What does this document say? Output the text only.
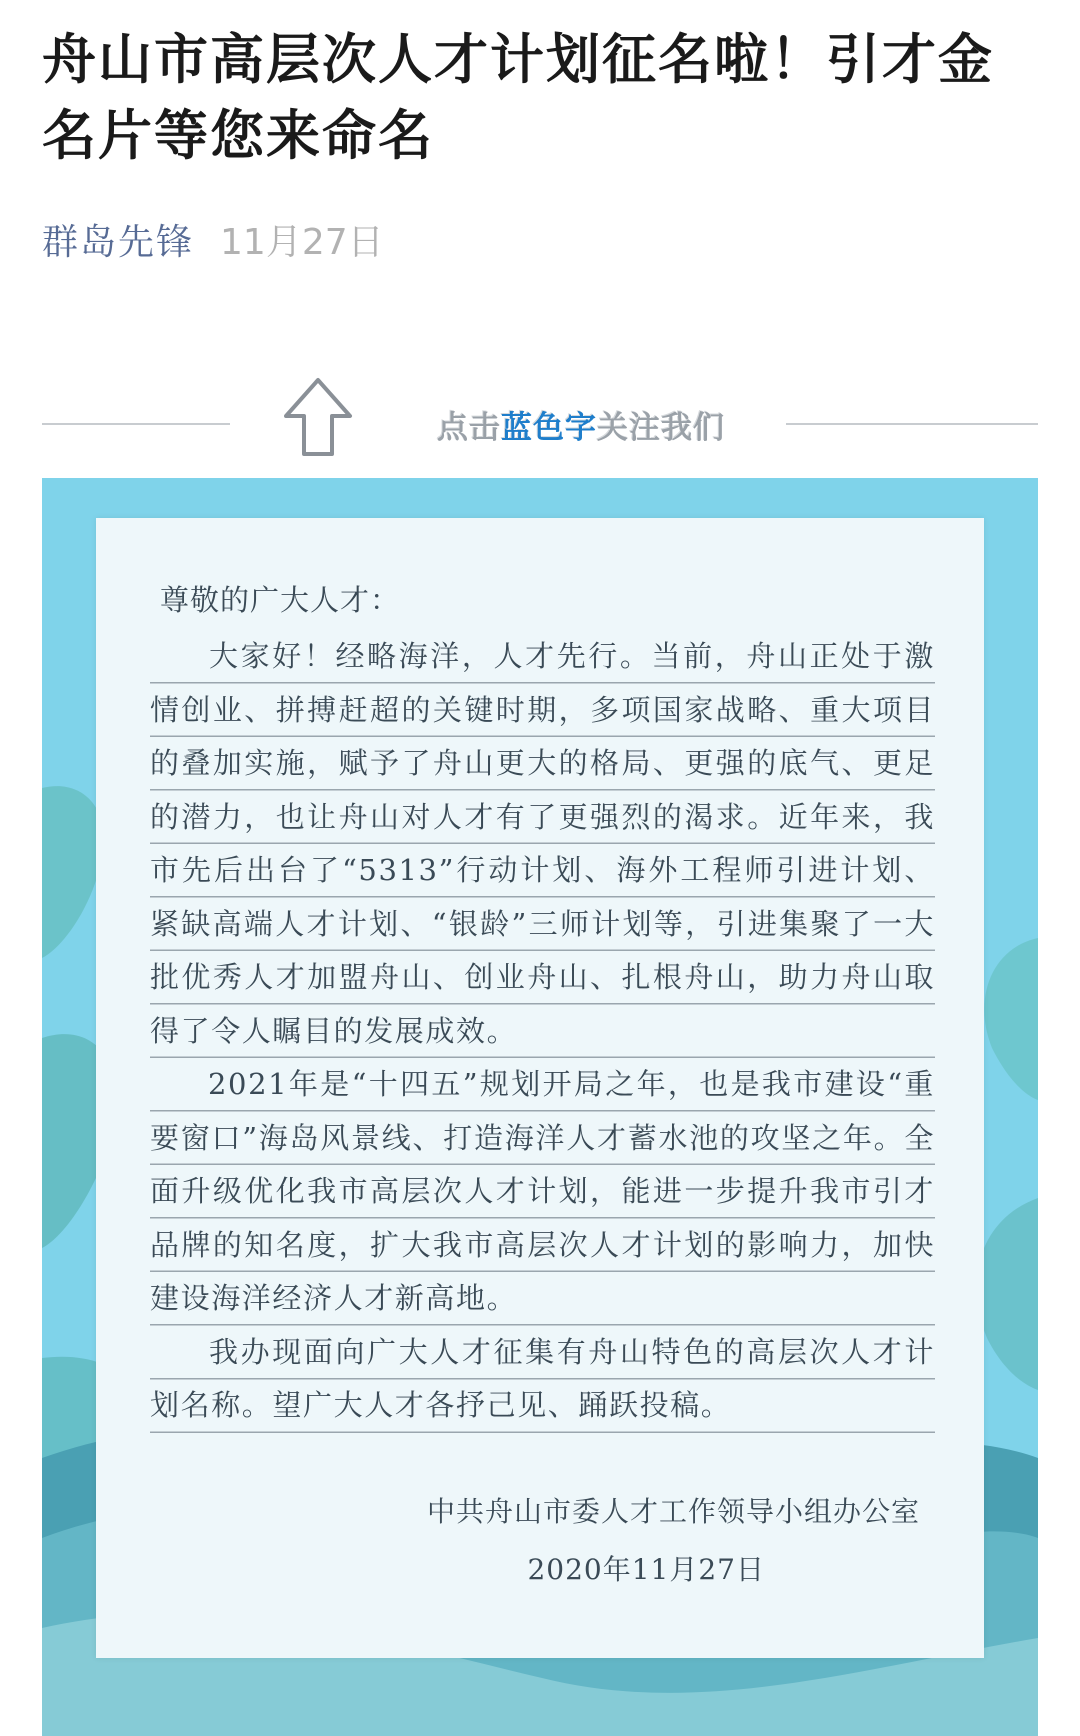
舟山市高层次人才计划征名啦！引才金名片等您来命名
群岛先锋 11月27日
点击蓝色字关注我们
尊敬的广大人才：

大家好！经略海洋，人才先行。当前，舟山正处于激情创业、拼搏赶超的关键时期，多项国家战略、重大项目的叠加实施，赋予了舟山更大的格局、更强的底气、更足的潜力，也让舟山对人才有了更强烈的渴求。近年来，我市先后出台了“5313”行动计划、海外工程师引进计划、紧缺高端人才计划、“银龄”三师计划等，引进集聚了一大批优秀人才加盟舟山、创业舟山、扎根舟山，助力舟山取得了令人瞩目的发展成效。

2021年是“十四五”规划开局之年，也是我市建设“重要窗口”海岛风景线、打造海洋人才蓄水池的攻坚之年。全面升级优化我市高层次人才计划，能进一步提升我市引才品牌的知名度，扩大我市高层次人才计划的影响力，加快建设海洋经济人才新高地。

我办现面向广大人才征集有舟山特色的高层次人才计划名称。望广大人才各抒己见、踊跃投稿。

中共舟山市委人才工作领导小组办公室
2020年11月27日
